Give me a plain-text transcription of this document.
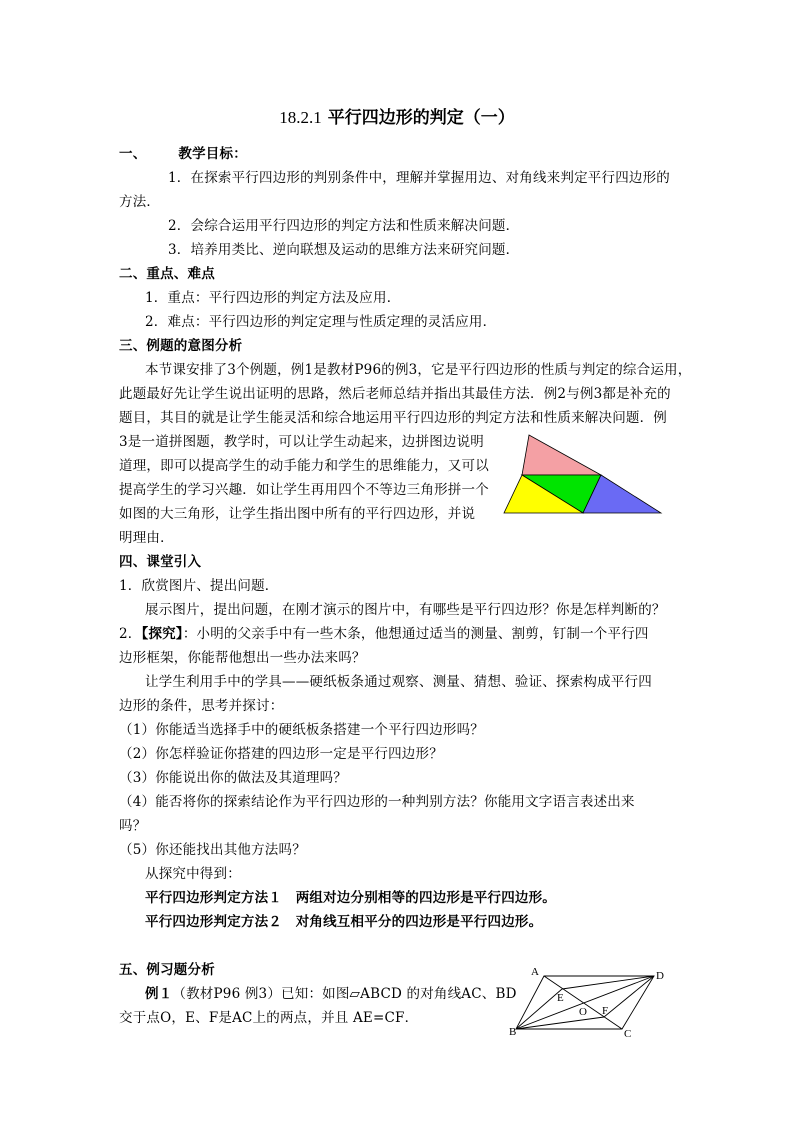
18.2.1 平行四边形的判定（一）
一、 教学目标：
1．在探索平行四边形的判别条件中，理解并掌握用边、对角线来判定平行四边形的
方法．
2．会综合运用平行四边形的判定方法和性质来解决问题．
3．培养用类比、逆向联想及运动的思维方法来研究问题．
二、重点、难点
1．重点：平行四边形的判定方法及应用．
2．难点：平行四边形的判定定理与性质定理的灵活应用．
三、例题的意图分析
本节课安排了3个例题，例1是教材P96的例3，它是平行四边形的性质与判定的综合运用，
此题最好先让学生说出证明的思路，然后老师总结并指出其最佳方法．例2与例3都是补充的
题目，其目的就是让学生能灵活和综合地运用平行四边形的判定方法和性质来解决问题．例
3是一道拼图题，教学时，可以让学生动起来，边拼图边说明
道理，即可以提高学生的动手能力和学生的思维能力，又可以
提高学生的学习兴趣．如让学生再用四个不等边三角形拼一个
如图的大三角形，让学生指出图中所有的平行四边形，并说
明理由．
四、课堂引入
1．欣赏图片、提出问题．
展示图片，提出问题，在刚才演示的图片中，有哪些是平行四边形？你是怎样判断的？
2．【探究】：小明的父亲手中有一些木条，他想通过适当的测量、割剪，钉制一个平行四
边形框架，你能帮他想出一些办法来吗？
让学生利用手中的学具——硬纸板条通过观察、测量、猜想、验证、探索构成平行四
边形的条件，思考并探讨：
（1）你能适当选择手中的硬纸板条搭建一个平行四边形吗？
（2）你怎样验证你搭建的四边形一定是平行四边形？
（3）你能说出你的做法及其道理吗？
（4）能否将你的探索结论作为平行四边形的一种判别方法？你能用文字语言表述出来
吗？
（5）你还能找出其他方法吗？
从探究中得到：
平行四边形判定方法１　两组对边分别相等的四边形是平行四边形。
平行四边形判定方法２　对角线互相平分的四边形是平行四边形。
五、例习题分析
例１（教材P96 例3）已知：如图▱ABCD 的对角线AC、BD
交于点O，E、F是AC上的两点，并且 AE=CF．
A	D
E
O F
B	C
